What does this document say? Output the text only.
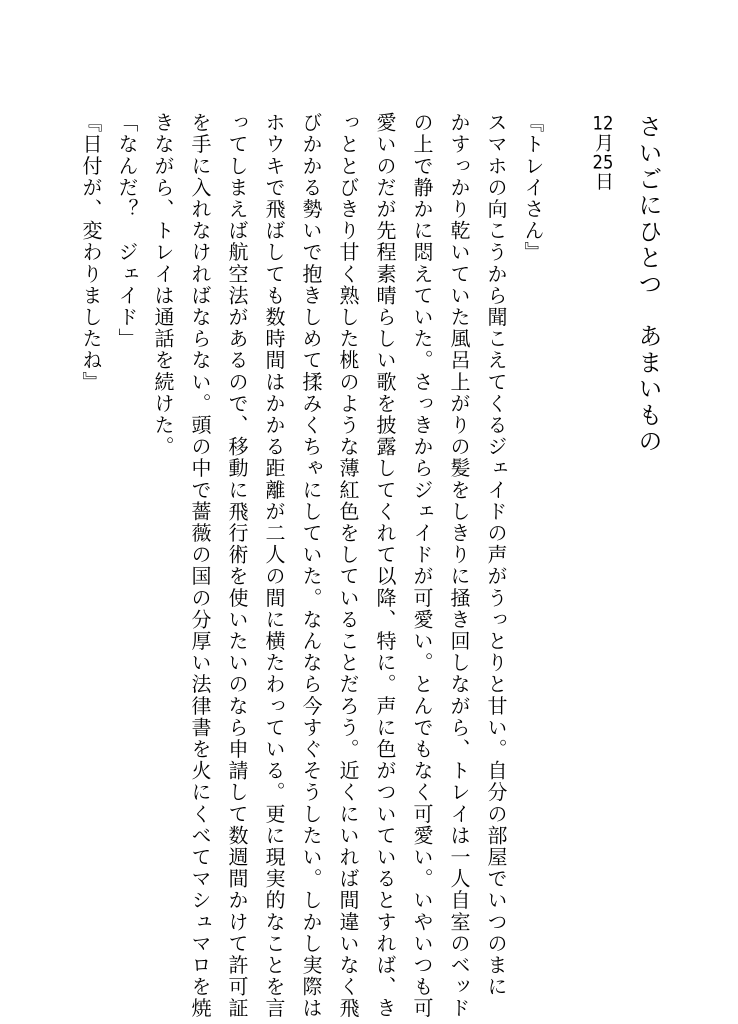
さいごにひとつ　あまいもの
12月25日
『トレイさん』
スマホの向こうから聞こえてくるジェイドの声がうっとりと甘い。自分の部屋でいつのまに
かすっかり乾いていた風呂上がりの髪をしきりに掻き回しながら、トレイは一人自室のベッド
の上で静かに悶えていた。さっきからジェイドが可愛い。とんでもなく可愛い。いやいつも可
愛いのだが先程素晴らしい歌を披露してくれて以降、特に。声に色がついているとすれば、き
っととびきり甘く熟した桃のような薄紅色をしていることだろう。近くにいれば間違いなく飛
びかかる勢いで抱きしめて揉みくちゃにしていた。なんなら今すぐそうしたい。しかし実際は
ホウキで飛ばしても数時間はかかる距離が二人の間に横たわっている。更に現実的なことを言
ってしまえば航空法があるので、移動に飛行術を使いたいのなら申請して数週間かけて許可証
を手に入れなければならない。頭の中で薔薇の国の分厚い法律書を火にくべてマシュマロを焼
きながら、トレイは通話を続けた。
「なんだ？　ジェイド」
『日付が、変わりましたね』
